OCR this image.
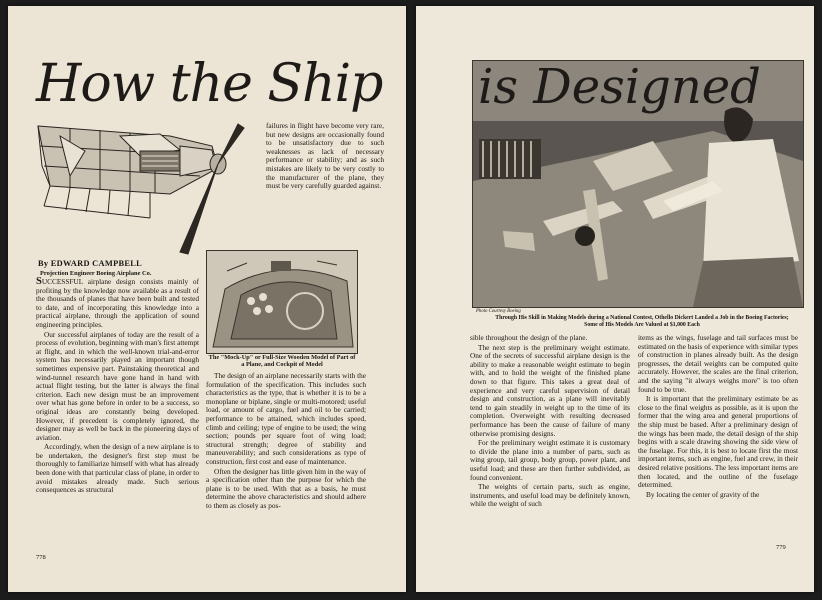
How the Ship

failures in flight have become very rare, but new designs are occasionally found to be unsatisfactory due to such weaknesses as lack of necessary performance or stability; and as such mistakes are likely to be very costly to the manufacturer of the plane, they must be very carefully guarded against.

By EDWARD CAMPBELL
Projection Engineer Boeing Airplane Co.
The "Mock-Up" or Full-Size Wooden Model of Part of a Plane, and Cockpit of Model

SUCCESSFUL airplane design consists mainly of profiting by the knowledge now available as a result of the thousands of planes that have been built and tested to date, and of incorporating this knowledge into a practical airplane, through the application of sound engineering principles.

Our successful airplanes of today are the result of a process of evolution, beginning with man's first attempt at flight, and in which the well-known trial-and-error system has necessarily played an important though sometimes expensive part. Painstaking theoretical and wind-tunnel research have gone hand in hand with actual flight testing, but the latter is always the final criterion. Each new design must be an improvement over what has gone before in order to be a success, so original ideas are constantly being developed. However, if precedent is completely ignored, the designer may as well be back in the pioneering days of aviation.

Accordingly, when the design of a new airplane is to be undertaken, the designer's first step must be thoroughly to familiarize himself with what has already been done with that particular class of plane, in order to avoid mistakes already made. Such serious consequences as structural

The design of an airplane necessarily starts with the formulation of the specification. This includes such characteristics as the type, that is whether it is to be a monoplane or biplane, single or multi-motored; useful load, or amount of cargo, fuel and oil to be carried; performance to be attained, which includes speed, climb and ceiling; type of engine to be used; the wing section; pounds per square foot of wing load; structural strength; degree of stability and maneuverability; and such considerations as type of construction, first cost and ease of maintenance.

Often the designer has little given him in the way of a specification other than the purpose for which the plane is to be used. With that as a basis, he must determine the above characteristics and should adhere to them as closely as pos-

778
is Designed
Photo Courtesy Boeing
Through His Skill in Making Models during a National Contest, Othello Dickert Landed a Job in the Boeing Factories; Some of His Models Are Valued at $1,000 Each

sible throughout the design of the plane.

The next step is the preliminary weight estimate. One of the secrets of successful airplane design is the ability to make a reasonable weight estimate to begin with, and to hold the weight of the finished plane down to that figure. This takes a great deal of experience and very careful supervision of detail design and construction, as a plane will inevitably tend to gain steadily in weight up to the time of its completion. Overweight with resulting decreased performance has been the cause of failure of many otherwise promising designs.

For the preliminary weight estimate it is customary to divide the plane into a number of parts, such as wing group, tail group, body group, power plant, and useful load; and these are then further subdivided, as found convenient.

The weights of certain parts, such as engine, instruments, and useful load may be definitely known, while the weight of such

items as the wings, fuselage and tail surfaces must be estimated on the basis of experience with similar types of construction in planes already built. As the design progresses, the detail weights can be computed quite accurately. However, the scales are the final criterion, and the saying "it always weighs more" is too often found to be true.

It is important that the preliminary estimate be as close to the final weights as possible, as it is upon the former that the wing area and general proportions of the ship must be based. After a preliminary design of the wings has been made, the detail design of the ship begins with a scale drawing showing the side view of the fuselage. For this, it is best to locate first the most important items, such as engine, fuel and crew, in their desired relative positions. The less important items are then located, and the outline of the fuselage determined.

By locating the center of gravity of the

779
